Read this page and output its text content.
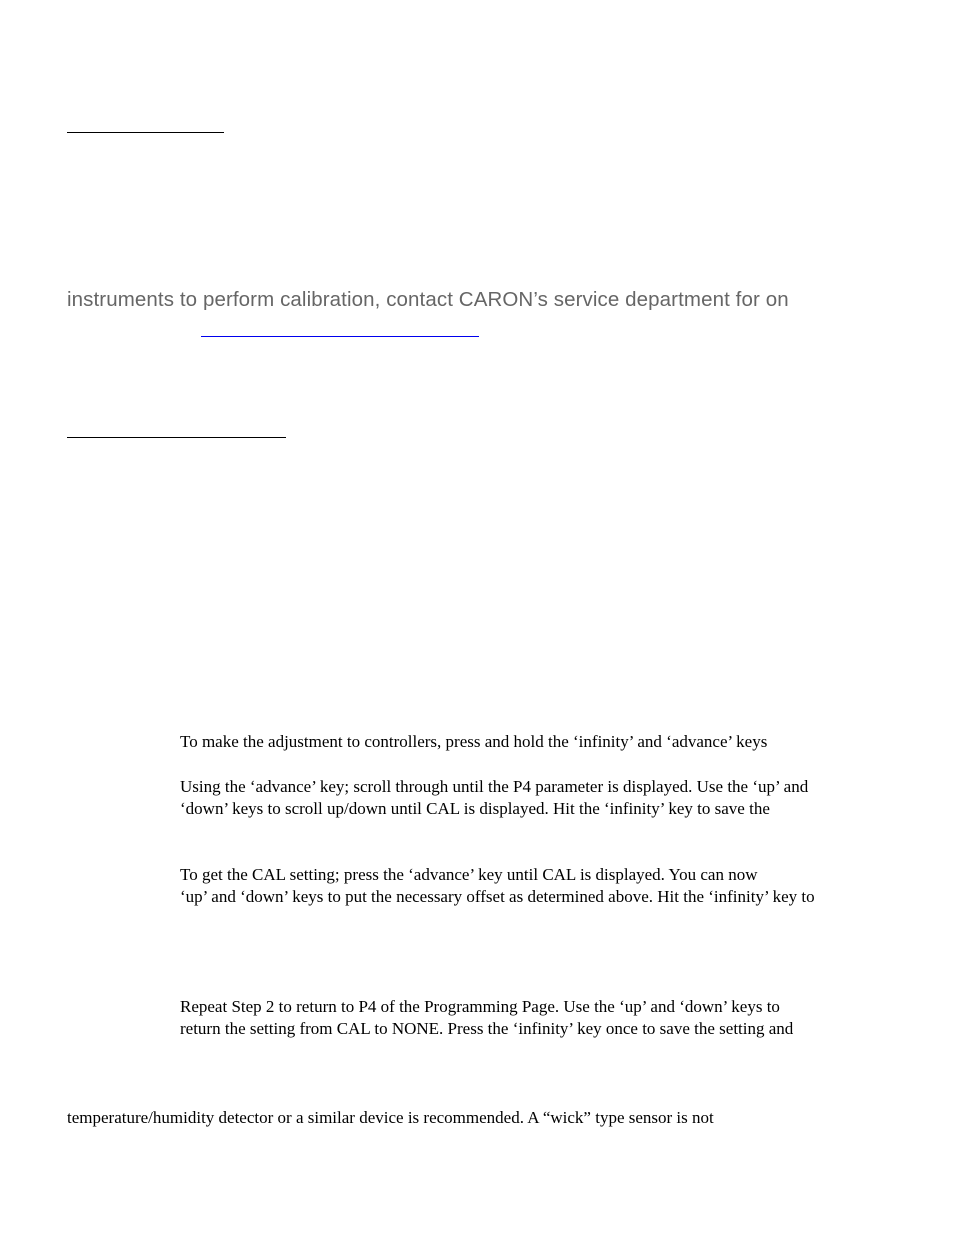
instruments to perform calibration, contact CARON’s service department for on
To make the adjustment to controllers, press and hold the ‘infinity’ and ‘advance’ keys
Using the ‘advance’ key; scroll through until the P4 parameter is displayed. Use the ‘up’ and
‘down’ keys to scroll up/down until CAL is displayed. Hit the ‘infinity’ key to save the
To get the CAL setting; press the ‘advance’ key until CAL is displayed. You can now
‘up’ and ‘down’ keys to put the necessary offset as determined above. Hit the ‘infinity’ key to
Repeat Step 2 to return to P4 of the Programming Page. Use the ‘up’ and ‘down’ keys to
return the setting from CAL to NONE. Press the ‘infinity’ key once to save the setting and
temperature/humidity detector or a similar device is recommended. A “wick” type sensor is not
